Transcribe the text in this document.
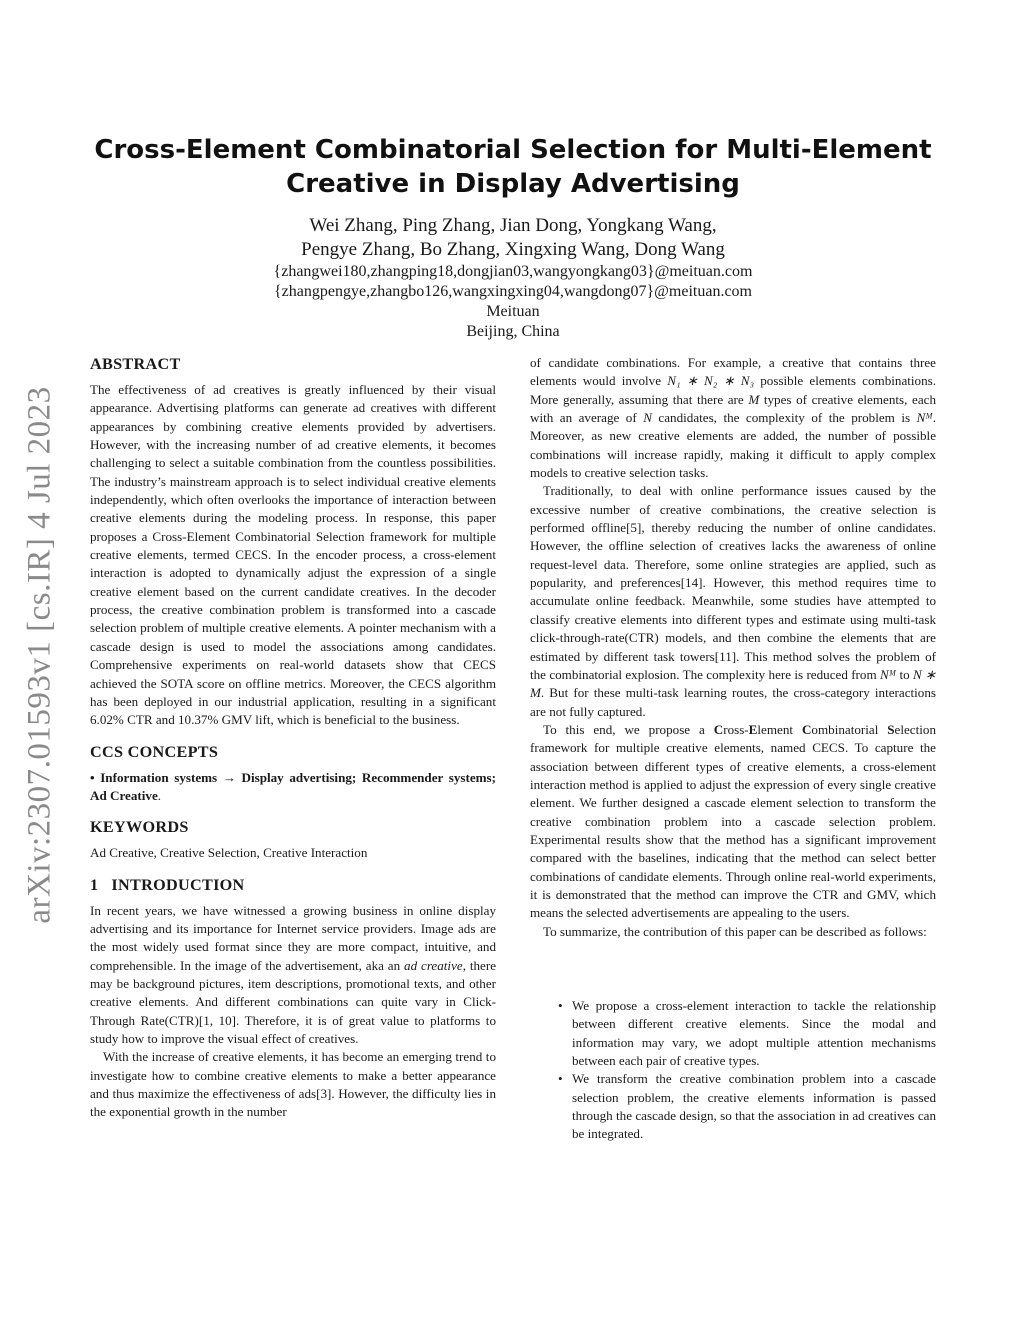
arXiv:2307.01593v1 [cs.IR] 4 Jul 2023
Cross-Element Combinatorial Selection for Multi-Element
Creative in Display Advertising
Wei Zhang, Ping Zhang, Jian Dong, Yongkang Wang,
Pengye Zhang, Bo Zhang, Xingxing Wang, Dong Wang
{zhangwei180,zhangping18,dongjian03,wangyongkang03}@meituan.com
{zhangpengye,zhangbo126,wangxingxing04,wangdong07}@meituan.com
Meituan
Beijing, China
ABSTRACT

The effectiveness of ad creatives is greatly influenced by their visual appearance. Advertising platforms can generate ad creatives with different appearances by combining creative elements provided by advertisers. However, with the increasing number of ad creative elements, it becomes challenging to select a suitable combination from the countless possibilities. The industry’s mainstream approach is to select individual creative elements independently, which often overlooks the importance of interaction between creative elements during the modeling process. In response, this paper proposes a Cross-Element Combinatorial Selection framework for multiple creative elements, termed CECS. In the encoder process, a cross-element interaction is adopted to dynamically adjust the expression of a single creative element based on the current candidate creatives. In the decoder process, the creative combination problem is transformed into a cascade selection problem of multiple creative elements. A pointer mechanism with a cascade design is used to model the associations among candidates. Comprehensive experiments on real-world datasets show that CECS achieved the SOTA score on offline metrics. Moreover, the CECS algorithm has been deployed in our industrial application, resulting in a significant 6.02% CTR and 10.37% GMV lift, which is beneficial to the business.

CCS CONCEPTS

• Information systems → Display advertising; Recommender systems; Ad Creative.

KEYWORDS

Ad Creative, Creative Selection, Creative Interaction

1   INTRODUCTION

In recent years, we have witnessed a growing business in online display advertising and its importance for Internet service providers. Image ads are the most widely used format since they are more compact, intuitive, and comprehensible. In the image of the advertisement, aka an ad creative, there may be background pictures, item descriptions, promotional texts, and other creative elements. And different combinations can quite vary in Click-Through Rate(CTR)[1, 10]. Therefore, it is of great value to platforms to study how to improve the visual effect of creatives.

With the increase of creative elements, it has become an emerging trend to investigate how to combine creative elements to make a better appearance and thus maximize the effectiveness of ads[3]. However, the difficulty lies in the exponential growth in the number

of candidate combinations. For example, a creative that contains three elements would involve N₁ ∗ N₂ ∗ N₃ possible elements combinations. More generally, assuming that there are M types of creative elements, each with an average of N candidates, the complexity of the problem is Nᴹ. Moreover, as new creative elements are added, the number of possible combinations will increase rapidly, making it difficult to apply complex models to creative selection tasks.

Traditionally, to deal with online performance issues caused by the excessive number of creative combinations, the creative selection is performed offline[5], thereby reducing the number of online candidates. However, the offline selection of creatives lacks the awareness of online request-level data. Therefore, some online strategies are applied, such as popularity, and preferences[14]. However, this method requires time to accumulate online feedback. Meanwhile, some studies have attempted to classify creative elements into different types and estimate using multi-task click-through-rate(CTR) models, and then combine the elements that are estimated by different task towers[11]. This method solves the problem of the combinatorial explosion. The complexity here is reduced from Nᴹ to N ∗ M. But for these multi-task learning routes, the cross-category interactions are not fully captured.

To this end, we propose a Cross-Element Combinatorial Selection framework for multiple creative elements, named CECS. To capture the association between different types of creative elements, a cross-element interaction method is applied to adjust the expression of every single creative element. We further designed a cascade element selection to transform the creative combination problem into a cascade selection problem. Experimental results show that the method has a significant improvement compared with the baselines, indicating that the method can select better combinations of candidate elements. Through online real-world experiments, it is demonstrated that the method can improve the CTR and GMV, which means the selected advertisements are appealing to the users.

To summarize, the contribution of this paper can be described as follows:

• We propose a cross-element interaction to tackle the relationship between different creative elements. Since the modal and information may vary, we adopt multiple attention mechanisms between each pair of creative types.
• We transform the creative combination problem into a cascade selection problem, the creative elements information is passed through the cascade design, so that the association in ad creatives can be integrated.
